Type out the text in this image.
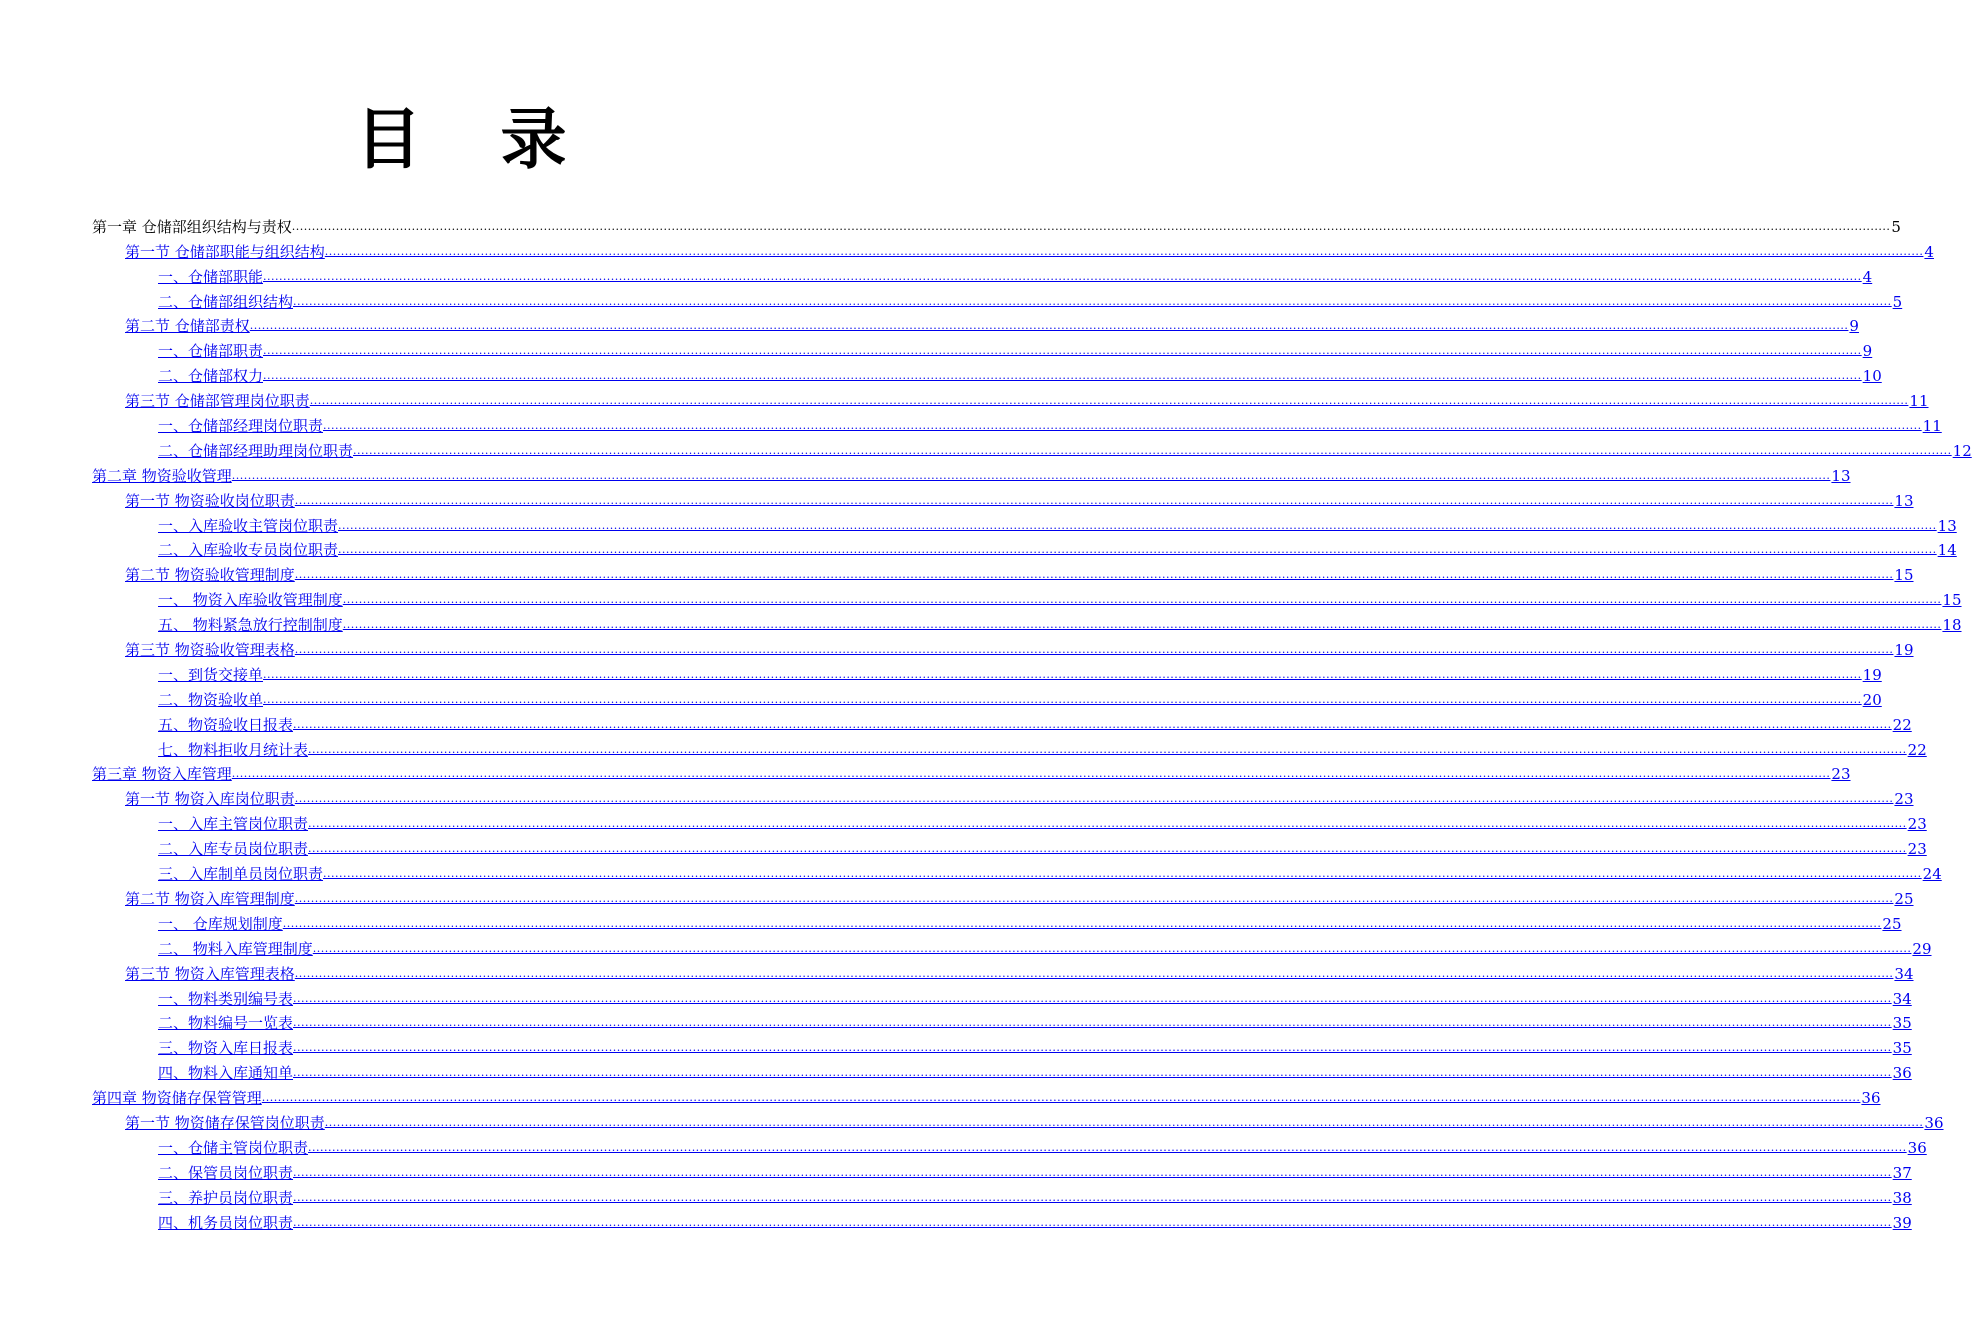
目 录
第一章 仓储部组织结构与责权 ................................................................................................................................................................................................................................................................................................................................................................................................................ 5
第一节 仓储部职能与组织结构 ................................................................................................................................................................................................................................................................................................................................................................................................................ 4
一、仓储部职能 ................................................................................................................................................................................................................................................................................................................................................................................................................ 4
二、仓储部组织结构 ................................................................................................................................................................................................................................................................................................................................................................................................................ 5
第二节 仓储部责权 ................................................................................................................................................................................................................................................................................................................................................................................................................ 9
一、仓储部职责 ................................................................................................................................................................................................................................................................................................................................................................................................................ 9
二、仓储部权力 ................................................................................................................................................................................................................................................................................................................................................................................................................ 10
第三节 仓储部管理岗位职责 ................................................................................................................................................................................................................................................................................................................................................................................................................ 11
一、仓储部经理岗位职责 ................................................................................................................................................................................................................................................................................................................................................................................................................ 11
二、仓储部经理助理岗位职责 ................................................................................................................................................................................................................................................................................................................................................................................................................ 12
第二章 物资验收管理 ................................................................................................................................................................................................................................................................................................................................................................................................................ 13
第一节 物资验收岗位职责 ................................................................................................................................................................................................................................................................................................................................................................................................................ 13
一、入库验收主管岗位职责 ................................................................................................................................................................................................................................................................................................................................................................................................................ 13
二、入库验收专员岗位职责 ................................................................................................................................................................................................................................................................................................................................................................................................................ 14
第二节 物资验收管理制度 ................................................................................................................................................................................................................................................................................................................................................................................................................ 15
一、 物资入库验收管理制度 ................................................................................................................................................................................................................................................................................................................................................................................................................ 15
五、 物料紧急放行控制制度 ................................................................................................................................................................................................................................................................................................................................................................................................................ 18
第三节 物资验收管理表格 ................................................................................................................................................................................................................................................................................................................................................................................................................ 19
一、到货交接单 ................................................................................................................................................................................................................................................................................................................................................................................................................ 19
二、物资验收单 ................................................................................................................................................................................................................................................................................................................................................................................................................ 20
五、物资验收日报表 ................................................................................................................................................................................................................................................................................................................................................................................................................ 22
七、物料拒收月统计表 ................................................................................................................................................................................................................................................................................................................................................................................................................ 22
第三章 物资入库管理 ................................................................................................................................................................................................................................................................................................................................................................................................................ 23
第一节 物资入库岗位职责 ................................................................................................................................................................................................................................................................................................................................................................................................................ 23
一、入库主管岗位职责 ................................................................................................................................................................................................................................................................................................................................................................................................................ 23
二、入库专员岗位职责 ................................................................................................................................................................................................................................................................................................................................................................................................................ 23
三、入库制单员岗位职责 ................................................................................................................................................................................................................................................................................................................................................................................................................ 24
第二节 物资入库管理制度 ................................................................................................................................................................................................................................................................................................................................................................................................................ 25
一、 仓库规划制度 ................................................................................................................................................................................................................................................................................................................................................................................................................ 25
二、 物料入库管理制度 ................................................................................................................................................................................................................................................................................................................................................................................................................ 29
第三节 物资入库管理表格 ................................................................................................................................................................................................................................................................................................................................................................................................................ 34
一、物料类别编号表 ................................................................................................................................................................................................................................................................................................................................................................................................................ 34
二、物料编号一览表 ................................................................................................................................................................................................................................................................................................................................................................................................................ 35
三、物资入库日报表 ................................................................................................................................................................................................................................................................................................................................................................................................................ 35
四、物料入库通知单 ................................................................................................................................................................................................................................................................................................................................................................................................................ 36
第四章 物资储存保管管理 ................................................................................................................................................................................................................................................................................................................................................................................................................ 36
第一节 物资储存保管岗位职责 ................................................................................................................................................................................................................................................................................................................................................................................................................ 36
一、仓储主管岗位职责 ................................................................................................................................................................................................................................................................................................................................................................................................................ 36
二、保管员岗位职责 ................................................................................................................................................................................................................................................................................................................................................................................................................ 37
三、养护员岗位职责 ................................................................................................................................................................................................................................................................................................................................................................................................................ 38
四、机务员岗位职责 ................................................................................................................................................................................................................................................................................................................................................................................................................ 39
